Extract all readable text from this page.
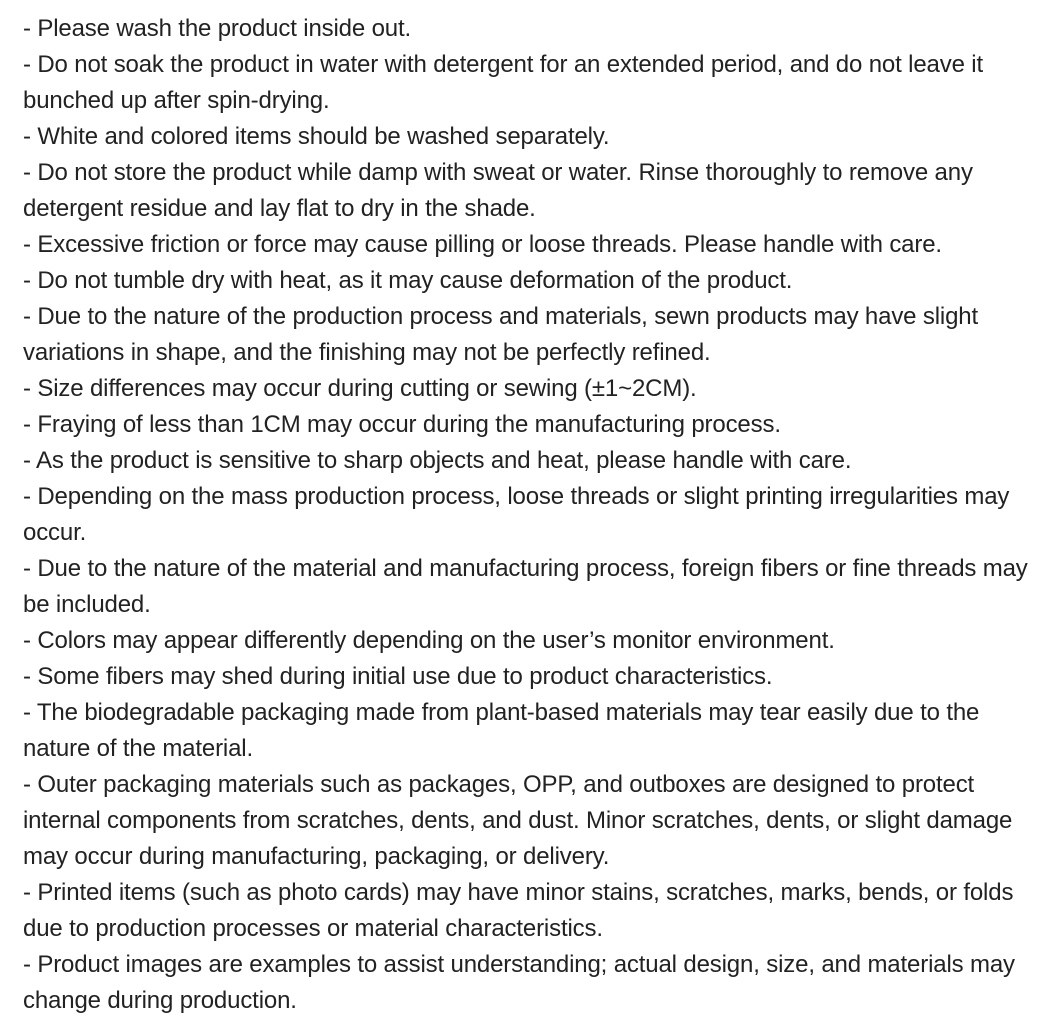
- Please wash the product inside out.
- Do not soak the product in water with detergent for an extended period, and do not leave it bunched up after spin-drying.
- White and colored items should be washed separately.
- Do not store the product while damp with sweat or water. Rinse thoroughly to remove any detergent residue and lay flat to dry in the shade.
- Excessive friction or force may cause pilling or loose threads. Please handle with care.
- Do not tumble dry with heat, as it may cause deformation of the product.
- Due to the nature of the production process and materials, sewn products may have slight variations in shape, and the finishing may not be perfectly refined.
- Size differences may occur during cutting or sewing (±1~2CM).
- Fraying of less than 1CM may occur during the manufacturing process.
- As the product is sensitive to sharp objects and heat, please handle with care.
- Depending on the mass production process, loose threads or slight printing irregularities may occur.
- Due to the nature of the material and manufacturing process, foreign fibers or fine threads may be included.
- Colors may appear differently depending on the user’s monitor environment.
- Some fibers may shed during initial use due to product characteristics.
- The biodegradable packaging made from plant-based materials may tear easily due to the nature of the material.
- Outer packaging materials such as packages, OPP, and outboxes are designed to protect internal components from scratches, dents, and dust. Minor scratches, dents, or slight damage may occur during manufacturing, packaging, or delivery.
- Printed items (such as photo cards) may have minor stains, scratches, marks, bends, or folds due to production processes or material characteristics.
- Product images are examples to assist understanding; actual design, size, and materials may change during production.
